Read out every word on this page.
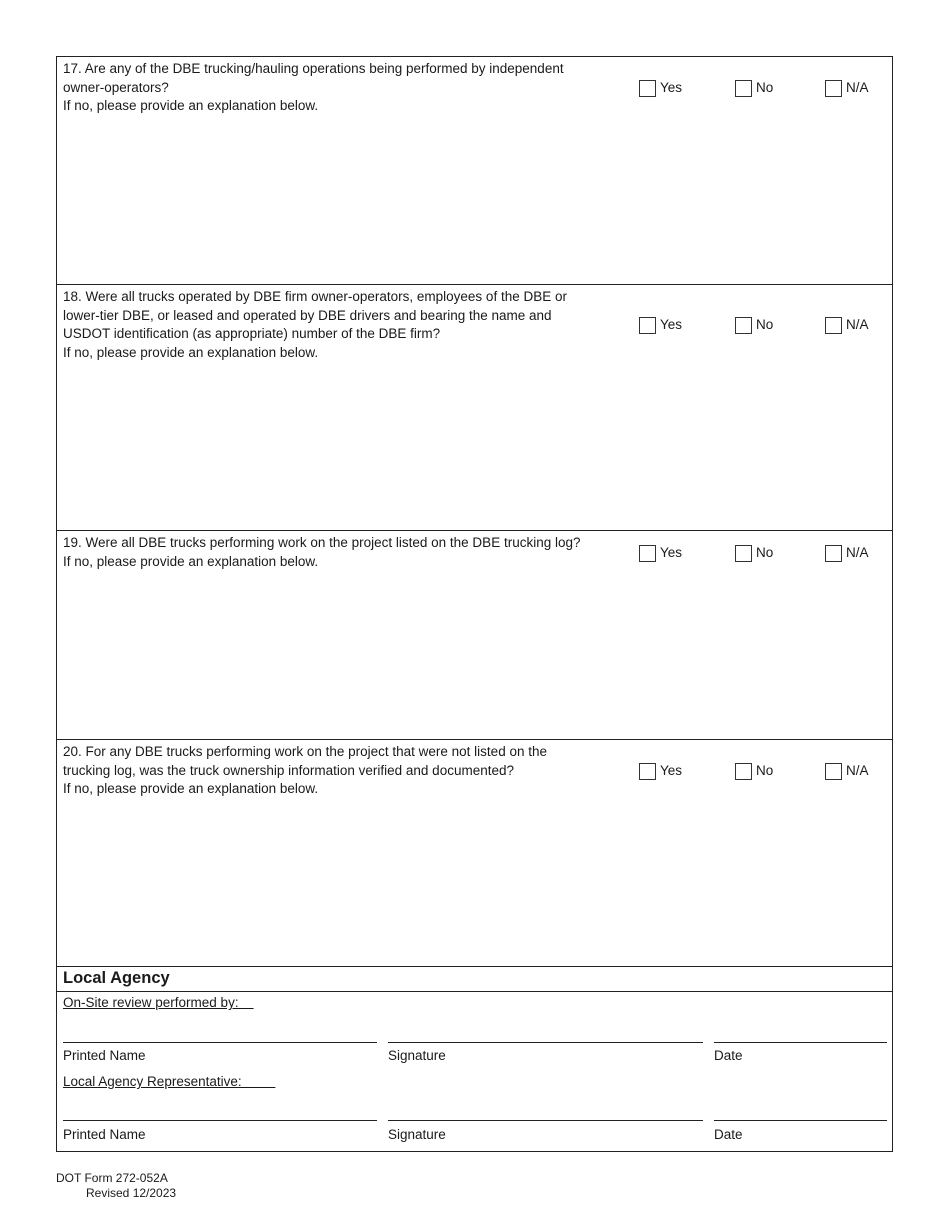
17. Are any of the DBE trucking/hauling operations being performed by independent
owner-operators?
If no, please provide an explanation below.
Yes	No	N/A
18. Were all trucks operated by DBE firm owner-operators, employees of the DBE or
lower-tier DBE, or leased and operated by DBE drivers and bearing the name and
USDOT identification (as appropriate) number of the DBE firm?
If no, please provide an explanation below.
Yes	No	N/A
19. Were all DBE trucks performing work on the project listed on the DBE trucking log?
If no, please provide an explanation below.
Yes	No	N/A
20. For any DBE trucks performing work on the project that were not listed on the
trucking log, was the truck ownership information verified and documented?
If no, please provide an explanation below.
Yes	No	N/A
Local Agency
On-Site review performed by:
Printed Name	Signature	Date
Local Agency Representative:
Printed Name	Signature	Date
DOT Form 272-052A
Revised 12/2023
